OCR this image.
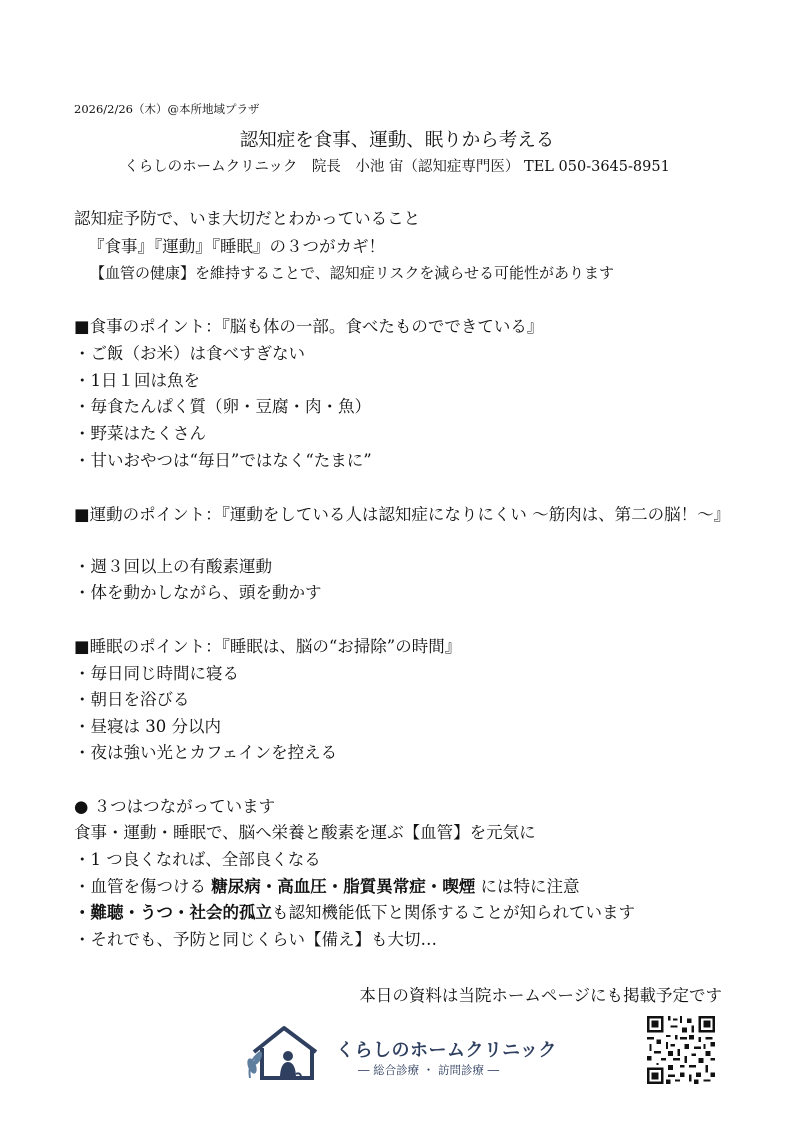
2026/2/26（木）@本所地域プラザ
認知症を食事、運動、眠りから考える
くらしのホームクリニック　院長　小池 宙（認知症専門医） TEL 050-3645-8951
認知症予防で、いま大切だとわかっていること
『食事』『運動』『睡眠』の３つがカギ！
【血管の健康】を維持することで、認知症リスクを減らせる可能性があります
■食事のポイント：『脳も体の一部。食べたものでできている』
・ご飯（お米）は食べすぎない
・1日１回は魚を
・毎食たんぱく質（卵・豆腐・肉・魚）
・野菜はたくさん
・甘いおやつは“毎日”ではなく“たまに”
■運動のポイント：『運動をしている人は認知症になりにくい ～筋肉は、第二の脳！～』
・週３回以上の有酸素運動
・体を動かしながら、頭を動かす
■睡眠のポイント：『睡眠は、脳の“お掃除”の時間』
・毎日同じ時間に寝る
・朝日を浴びる
・昼寝は 30 分以内
・夜は強い光とカフェインを控える
● ３つはつながっています
食事・運動・睡眠で、脳へ栄養と酸素を運ぶ【血管】を元気に
・1 つ良くなれば、全部良くなる
・血管を傷つける 糖尿病・高血圧・脂質異常症・喫煙 には特に注意
・難聴・うつ・社会的孤立も認知機能低下と関係することが知られています
・それでも、予防と同じくらい【備え】も大切…
本日の資料は当院ホームページにも掲載予定です
くらしのホームクリニック
― 総合診療 ・ 訪問診療 ―
